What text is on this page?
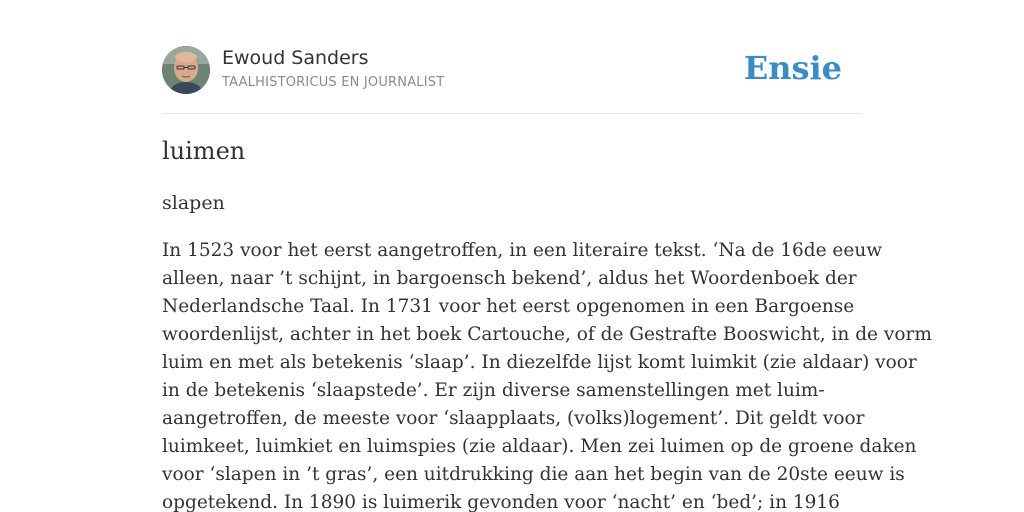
Ewoud Sanders
TAALHISTORICUS EN JOURNALIST	Ensie
luimen

slapen

In 1523 voor het eerst aangetroffen, in een literaire tekst. ‘Na de 16de eeuw
alleen, naar ’t schijnt, in bargoensch bekend’, aldus het Woordenboek der
Nederlandsche Taal. In 1731 voor het eerst opgenomen in een Bargoense
woordenlijst, achter in het boek Cartouche, of de Gestrafte Booswicht, in de vorm
luim en met als betekenis ‘slaap’. In diezelfde lijst komt luimkit (zie aldaar) voor
in de betekenis ‘slaapstede’. Er zijn diverse samenstellingen met luim-
aangetroffen, de meeste voor ‘slaapplaats, (volks)logement’. Dit geldt voor
luimkeet, luimkiet en luimspies (zie aldaar). Men zei luimen op de groene daken
voor ‘slapen in ’t gras’, een uitdrukking die aan het begin van de 20ste eeuw is
opgetekend. In 1890 is luimerik gevonden voor ‘nacht’ en ‘bed’; in 1916
